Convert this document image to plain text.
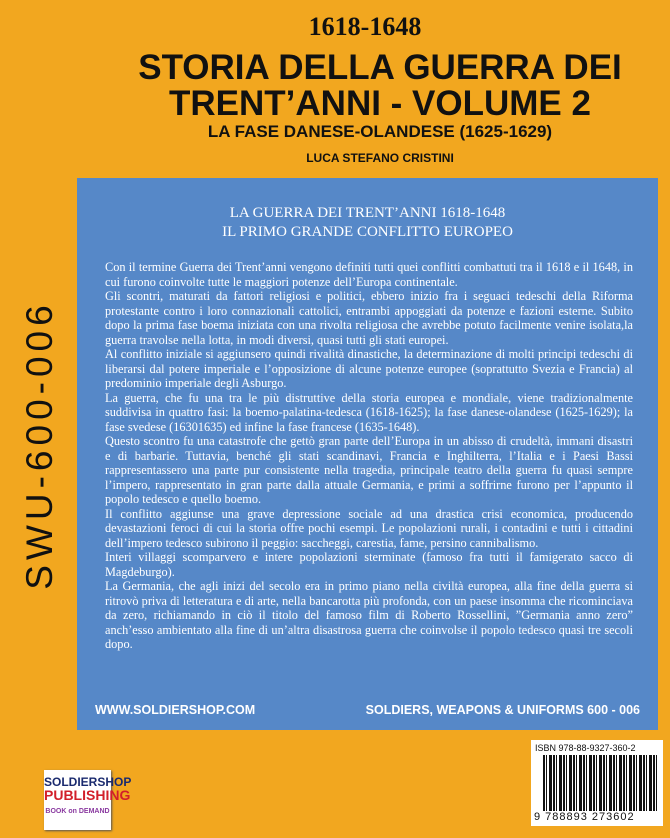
1618-1648
STORIA DELLA GUERRA DEI
TRENT’ANNI - VOLUME 2
LA FASE DANESE-OLANDESE (1625-1629)
LUCA STEFANO CRISTINI
SWU-600-006
LA GUERRA DEI TRENT’ANNI 1618-1648
IL PRIMO GRANDE CONFLITTO EUROPEO

Con il termine Guerra dei Trent’anni vengono definiti tutti quei conflitti combattuti tra il 1618 e il 1648, in cui furono coinvolte tutte le maggiori potenze dell’Europa continentale.

Gli scontri, maturati da fattori religiosi e politici, ebbero inizio fra i seguaci tedeschi della Riforma protestante contro i loro connazionali cattolici, entrambi appoggiati da potenze e fazioni esterne. Subito dopo la prima fase boema iniziata con una rivolta religiosa che avrebbe potuto facilmente venire isolata,la guerra travolse nella lotta, in modi diversi, quasi tutti gli stati europei.

Al conflitto iniziale si aggiunsero quindi rivalità dinastiche, la determinazione di molti principi tedeschi di liberarsi dal potere imperiale e l’opposizione di alcune potenze europee (soprattutto Svezia e Francia) al predominio imperiale degli Asburgo.

La guerra, che fu una tra le più distruttive della storia europea e mondiale, viene tradizionalmente suddivisa in quattro fasi: la boemo-palatina-tedesca (1618-1625); la fase danese-olandese (1625-1629); la fase svedese (16301635) ed infine la fase francese (1635-1648).

Questo scontro fu una catastrofe che gettò gran parte dell’Europa in un abisso di crudeltà, immani disastri e di barbarie. Tuttavia, benché gli stati scandinavi, Francia e Inghilterra, l’Italia e i Paesi Bassi rappresentassero una parte pur consistente nella tragedia, principale teatro della guerra fu quasi sempre l’impero, rappresentato in gran parte dalla attuale Germania, e primi a soffrirne furono per l’appunto il popolo tedesco e quello boemo.

Il conflitto aggiunse una grave depressione sociale ad una drastica crisi economica, producendo devastazioni feroci di cui la storia offre pochi esempi. Le popolazioni rurali, i contadini e tutti i cittadini dell’impero tedesco subirono il peggio: saccheggi, carestia, fame, persino cannibalismo.

Interi villaggi scomparvero e intere popolazioni sterminate (famoso fra tutti il famigerato sacco di Magdeburgo).

La Germania, che agli inizi del secolo era in primo piano nella civiltà europea, alla fine della guerra si ritrovò priva di letteratura e di arte, nella bancarotta più profonda, con un paese insomma che ricominciava da zero, richiamando in ciò il titolo del famoso film di Roberto Rossellini, ”Germania anno zero” anch’esso ambientato alla fine di un’altra disastrosa guerra che coinvolse il popolo tedesco quasi tre secoli dopo.

WWW.SOLDIERSHOP.COM	SOLDIERS, WEAPONS & UNIFORMS 600 - 006
SOLDIERSHOP
PUBLISHING
BOOK on DEMAND
ISBN 978-88-9327-360-2
9 788893 273602
